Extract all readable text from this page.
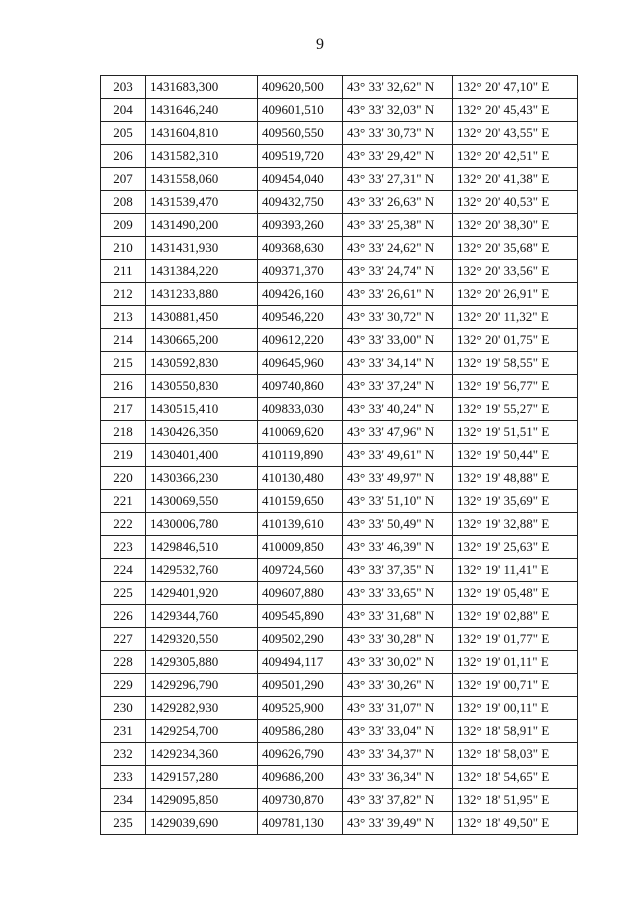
9
203	1431683,300	409620,500	43° 33' 32,62" N	132° 20' 47,10" E
204	1431646,240	409601,510	43° 33' 32,03" N	132° 20' 45,43" E
205	1431604,810	409560,550	43° 33' 30,73" N	132° 20' 43,55" E
206	1431582,310	409519,720	43° 33' 29,42" N	132° 20' 42,51" E
207	1431558,060	409454,040	43° 33' 27,31" N	132° 20' 41,38" E
208	1431539,470	409432,750	43° 33' 26,63" N	132° 20' 40,53" E
209	1431490,200	409393,260	43° 33' 25,38" N	132° 20' 38,30" E
210	1431431,930	409368,630	43° 33' 24,62" N	132° 20' 35,68" E
211	1431384,220	409371,370	43° 33' 24,74" N	132° 20' 33,56" E
212	1431233,880	409426,160	43° 33' 26,61" N	132° 20' 26,91" E
213	1430881,450	409546,220	43° 33' 30,72" N	132° 20' 11,32" E
214	1430665,200	409612,220	43° 33' 33,00" N	132° 20' 01,75" E
215	1430592,830	409645,960	43° 33' 34,14" N	132° 19' 58,55" E
216	1430550,830	409740,860	43° 33' 37,24" N	132° 19' 56,77" E
217	1430515,410	409833,030	43° 33' 40,24" N	132° 19' 55,27" E
218	1430426,350	410069,620	43° 33' 47,96" N	132° 19' 51,51" E
219	1430401,400	410119,890	43° 33' 49,61" N	132° 19' 50,44" E
220	1430366,230	410130,480	43° 33' 49,97" N	132° 19' 48,88" E
221	1430069,550	410159,650	43° 33' 51,10" N	132° 19' 35,69" E
222	1430006,780	410139,610	43° 33' 50,49" N	132° 19' 32,88" E
223	1429846,510	410009,850	43° 33' 46,39" N	132° 19' 25,63" E
224	1429532,760	409724,560	43° 33' 37,35" N	132° 19' 11,41" E
225	1429401,920	409607,880	43° 33' 33,65" N	132° 19' 05,48" E
226	1429344,760	409545,890	43° 33' 31,68" N	132° 19' 02,88" E
227	1429320,550	409502,290	43° 33' 30,28" N	132° 19' 01,77" E
228	1429305,880	409494,117	43° 33' 30,02" N	132° 19' 01,11" E
229	1429296,790	409501,290	43° 33' 30,26" N	132° 19' 00,71" E
230	1429282,930	409525,900	43° 33' 31,07" N	132° 19' 00,11" E
231	1429254,700	409586,280	43° 33' 33,04" N	132° 18' 58,91" E
232	1429234,360	409626,790	43° 33' 34,37" N	132° 18' 58,03" E
233	1429157,280	409686,200	43° 33' 36,34" N	132° 18' 54,65" E
234	1429095,850	409730,870	43° 33' 37,82" N	132° 18' 51,95" E
235	1429039,690	409781,130	43° 33' 39,49" N	132° 18' 49,50" E
